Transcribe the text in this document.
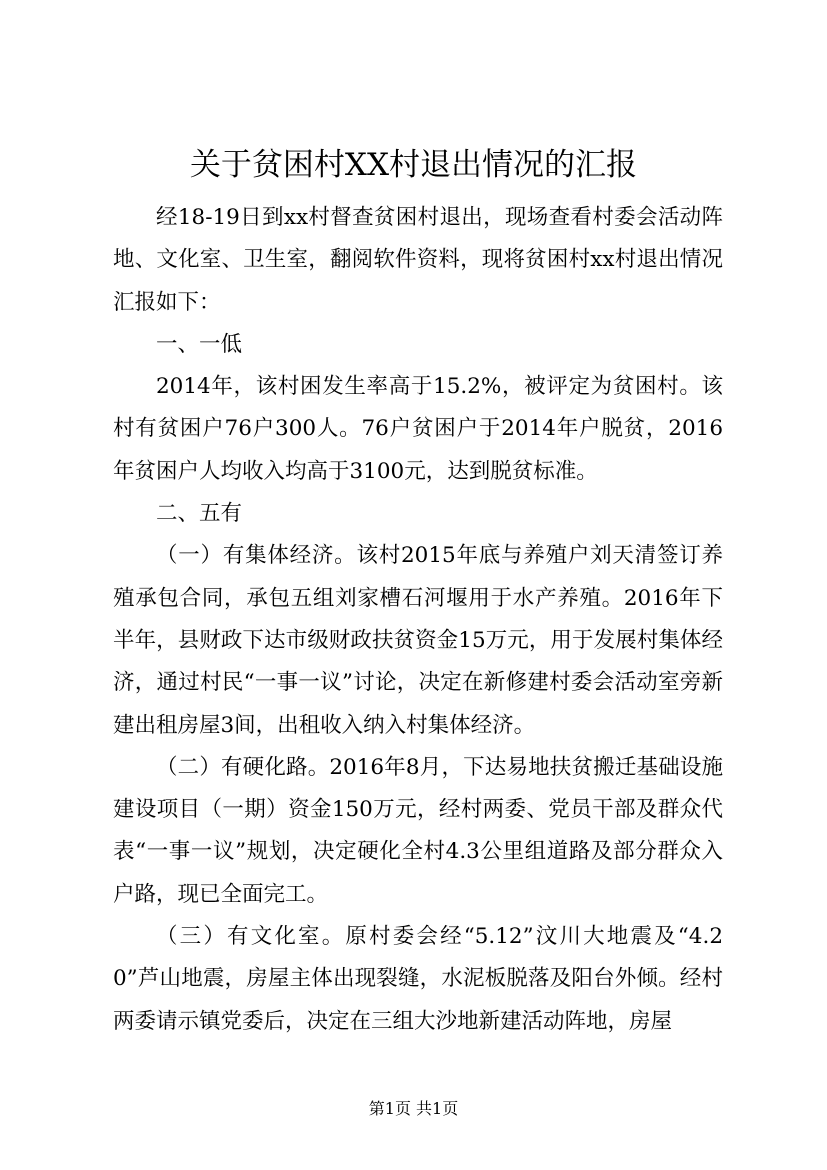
关于贫困村XX村退出情况的汇报

经18-19日到xx村督查贫困村退出，现场查看村委会活动阵地、文化室、卫生室，翻阅软件资料，现将贫困村xx村退出情况汇报如下：

一、一低

2014年，该村困发生率高于15.2%，被评定为贫困村。该村有贫困户76户300人。76户贫困户于2014年户脱贫，2016年贫困户人均收入均高于3100元，达到脱贫标准。

二、五有

（一）有集体经济。该村2015年底与养殖户刘天清签订养殖承包合同，承包五组刘家槽石河堰用于水产养殖。2016年下半年，县财政下达市级财政扶贫资金15万元，用于发展村集体经济，通过村民“一事一议”讨论，决定在新修建村委会活动室旁新建出租房屋3间，出租收入纳入村集体经济。

（二）有硬化路。2016年8月，下达易地扶贫搬迁基础设施建设项目（一期）资金150万元，经村两委、党员干部及群众代表“一事一议”规划，决定硬化全村4.3公里组道路及部分群众入户路，现已全面完工。

（三）有文化室。原村委会经“5.12”汶川大地震及“4.20”芦山地震，房屋主体出现裂缝，水泥板脱落及阳台外倾。经村两委请示镇党委后，决定在三组大沙地新建活动阵地，房屋

第1页 共1页
